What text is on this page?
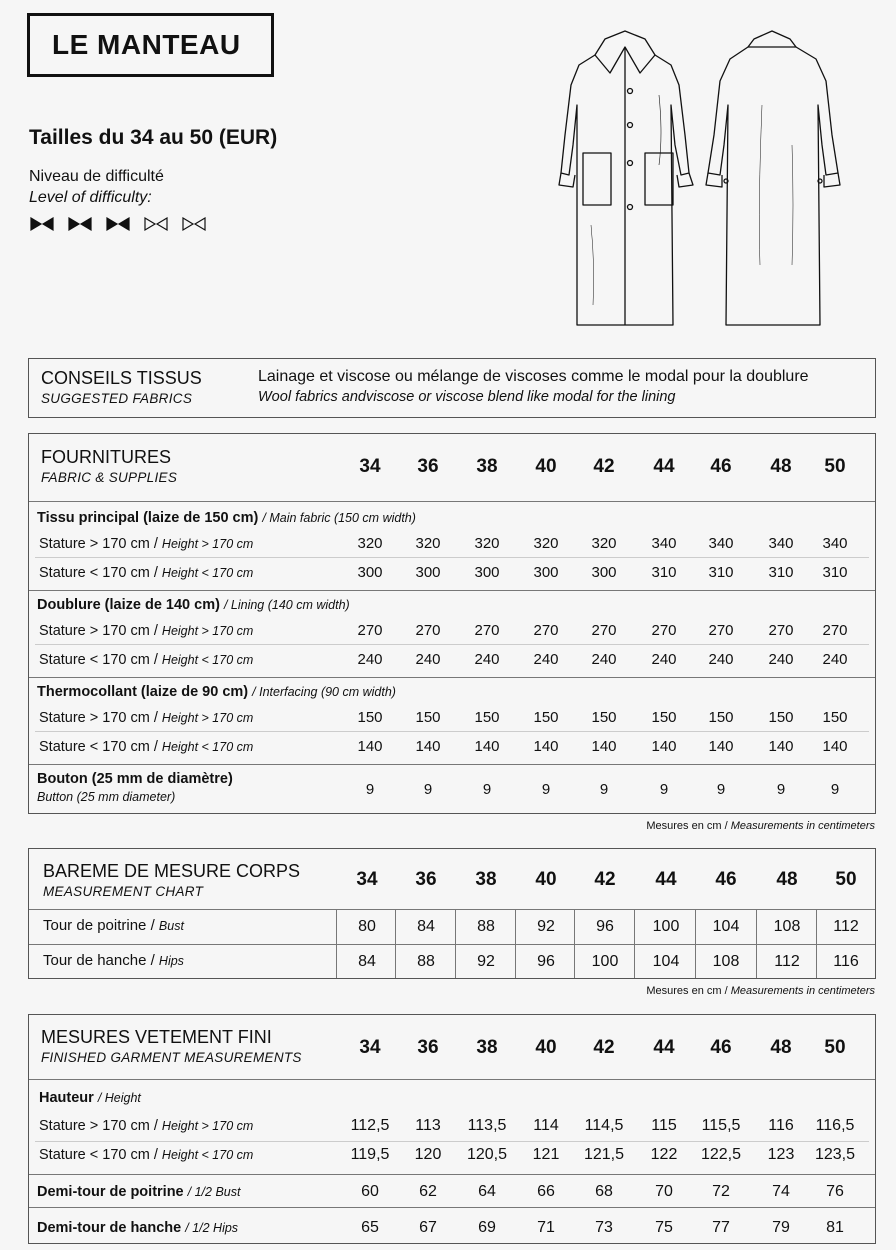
LE MANTEAU
Tailles du 34 au 50 (EUR)
Niveau de difficulté
Level of difficulty:
CONSEILS TISSUS
SUGGESTED FABRICS
Lainage et viscose ou mélange de viscoses comme le modal pour la doublure
Wool fabrics andviscose or viscose blend like modal for the lining
FOURNITURES
FABRIC & SUPPLIES
34	36	38	40	42	44	46	48	50
Tissu principal (laize de 150 cm) / Main fabric (150 cm width)
Stature > 170 cm / Height > 170 cm	320	320	320	320	320	340	340	340	340
Stature < 170 cm / Height < 170 cm	300	300	300	300	300	310	310	310	310
Doublure (laize de 140 cm) / Lining (140 cm width)
Stature > 170 cm / Height > 170 cm	270	270	270	270	270	270	270	270	270
Stature < 170 cm / Height < 170 cm	240	240	240	240	240	240	240	240	240
Thermocollant (laize de 90 cm) / Interfacing (90 cm width)
Stature > 170 cm / Height > 170 cm	150	150	150	150	150	150	150	150	150
Stature < 170 cm / Height < 170 cm	140	140	140	140	140	140	140	140	140
Bouton (25 mm de diamètre)
Button (25 mm diameter)	9	9	9	9	9	9	9	9	9
Mesures en cm / Measurements in centimeters
BAREME DE MESURE CORPS
MEASUREMENT CHART
34	36	38	40	42	44	46	48	50
Tour de poitrine / Bust	80	84	88	92	96	100	104	108	112
Tour de hanche / Hips	84	88	92	96	100	104	108	112	116
Mesures en cm / Measurements in centimeters
MESURES VETEMENT FINI
FINISHED GARMENT MEASUREMENTS	34	36	38	40	42	44	46	48	50
Hauteur / Height
Stature > 170 cm / Height > 170 cm	112,5	113	113,5	114	114,5	115	115,5	116	116,5
Stature < 170 cm / Height < 170 cm	119,5	120	120,5	121	121,5	122	122,5	123	123,5
Demi-tour de poitrine / 1/2 Bust	60	62	64	66	68	70	72	74	76
Demi-tour de hanche / 1/2 Hips	65	67	69	71	73	75	77	79	81
